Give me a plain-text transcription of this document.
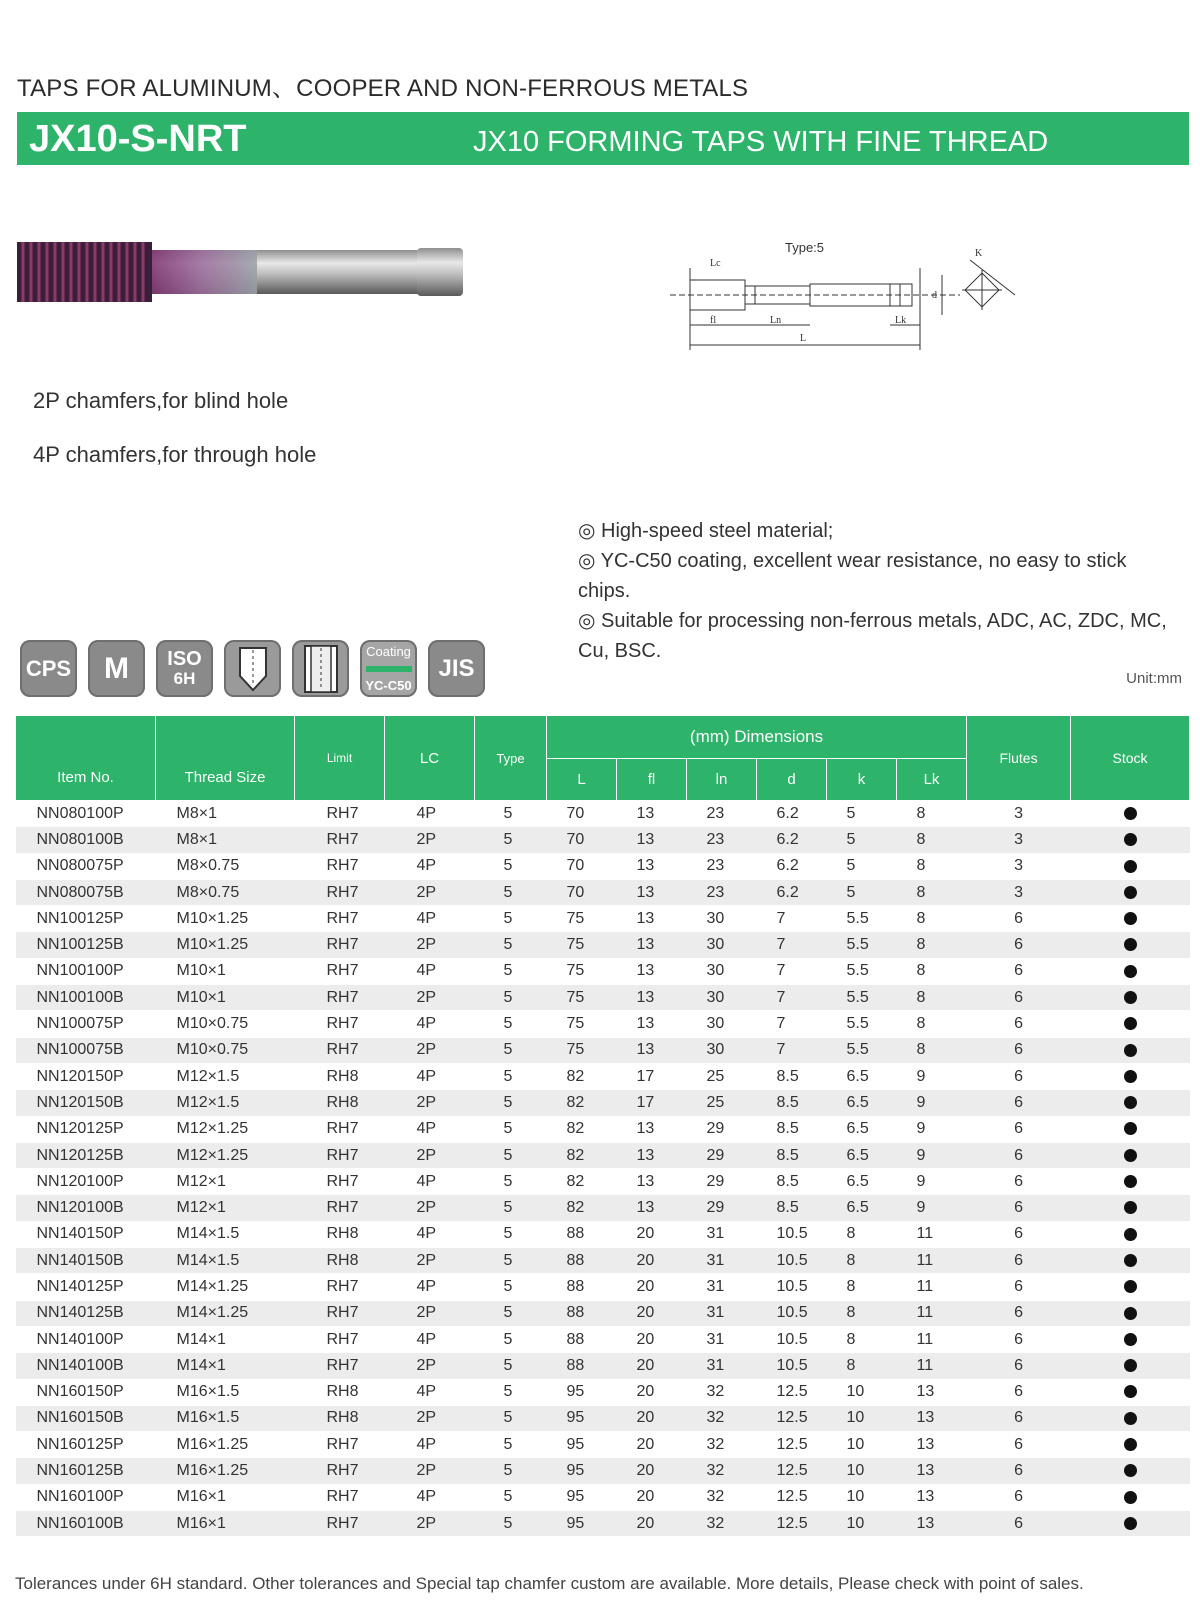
TAPS FOR ALUMINUM、COOPER AND NON-FERROUS METALS
JX10-S-NRT	JX10 FORMING TAPS WITH FINE THREAD
Type:5
Lc
fl	Ln	Lk
L
d
K
2P chamfers,for blind hole
4P chamfers,for through hole
◎ High-speed steel material;
◎ YC-C50 coating, excellent wear resistance, no easy to stick chips.
◎ Suitable for processing non-ferrous metals, ADC, AC, ZDC, MC, Cu, BSC.
CPS M ISO
6H
Coating
YC-C50
JIS	Unit:mm
Item No.	Thread Size	Limit	LC	Type	(mm) Dimensions						Flutes	Stock
					L	fl	ln	d	k	Lk		
NN080100P	M8×1	RH7	4P	5	70	13	23	6.2	5	8	3	
NN080100B	M8×1	RH7	2P	5	70	13	23	6.2	5	8	3	
NN080075P	M8×0.75	RH7	4P	5	70	13	23	6.2	5	8	3	
NN080075B	M8×0.75	RH7	2P	5	70	13	23	6.2	5	8	3	
NN100125P	M10×1.25	RH7	4P	5	75	13	30	7	5.5	8	6	
NN100125B	M10×1.25	RH7	2P	5	75	13	30	7	5.5	8	6	
NN100100P	M10×1	RH7	4P	5	75	13	30	7	5.5	8	6	
NN100100B	M10×1	RH7	2P	5	75	13	30	7	5.5	8	6	
NN100075P	M10×0.75	RH7	4P	5	75	13	30	7	5.5	8	6	
NN100075B	M10×0.75	RH7	2P	5	75	13	30	7	5.5	8	6	
NN120150P	M12×1.5	RH8	4P	5	82	17	25	8.5	6.5	9	6	
NN120150B	M12×1.5	RH8	2P	5	82	17	25	8.5	6.5	9	6	
NN120125P	M12×1.25	RH7	4P	5	82	13	29	8.5	6.5	9	6	
NN120125B	M12×1.25	RH7	2P	5	82	13	29	8.5	6.5	9	6	
NN120100P	M12×1	RH7	4P	5	82	13	29	8.5	6.5	9	6	
NN120100B	M12×1	RH7	2P	5	82	13	29	8.5	6.5	9	6	
NN140150P	M14×1.5	RH8	4P	5	88	20	31	10.5	8	11	6	
NN140150B	M14×1.5	RH8	2P	5	88	20	31	10.5	8	11	6	
NN140125P	M14×1.25	RH7	4P	5	88	20	31	10.5	8	11	6	
NN140125B	M14×1.25	RH7	2P	5	88	20	31	10.5	8	11	6	
NN140100P	M14×1	RH7	4P	5	88	20	31	10.5	8	11	6	
NN140100B	M14×1	RH7	2P	5	88	20	31	10.5	8	11	6	
NN160150P	M16×1.5	RH8	4P	5	95	20	32	12.5	10	13	6	
NN160150B	M16×1.5	RH8	2P	5	95	20	32	12.5	10	13	6	
NN160125P	M16×1.25	RH7	4P	5	95	20	32	12.5	10	13	6	
NN160125B	M16×1.25	RH7	2P	5	95	20	32	12.5	10	13	6	
NN160100P	M16×1	RH7	4P	5	95	20	32	12.5	10	13	6	
NN160100B	M16×1	RH7	2P	5	95	20	32	12.5	10	13	6	
Tolerances under 6H standard. Other tolerances and Special tap chamfer custom are available. More details, Please check with point of sales.
